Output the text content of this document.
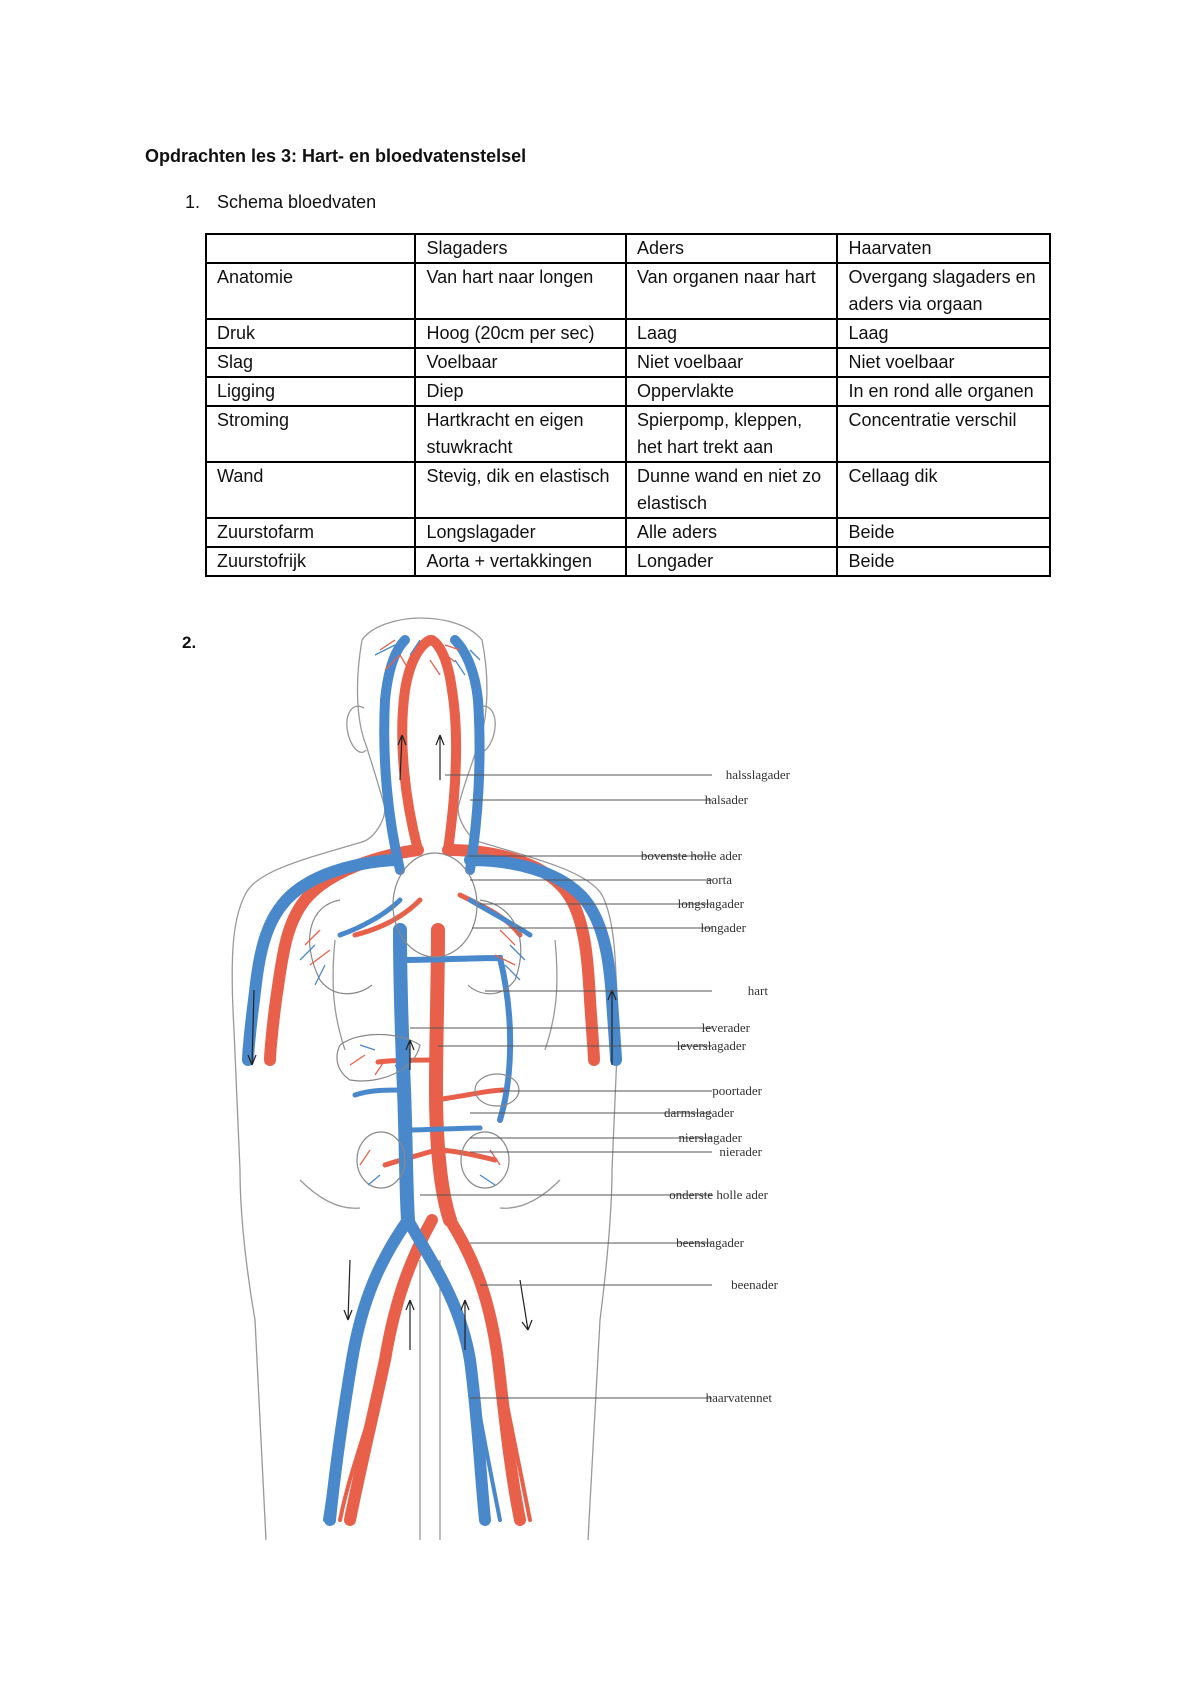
Opdrachten les 3: Hart- en bloedvatenstelsel
1. Schema bloedvaten
	Slagaders	Aders	Haarvaten
Anatomie	Van hart naar longen	Van organen naar hart	Overgang slagaders en aders via orgaan
Druk	Hoog (20cm per sec)	Laag	Laag
Slag	Voelbaar	Niet voelbaar	Niet voelbaar
Ligging	Diep	Oppervlakte	In en rond alle organen
Stroming	Hartkracht en eigen stuwkracht	Spierpomp, kleppen, het hart trekt aan	Concentratie verschil
Wand	Stevig, dik en elastisch	Dunne wand en niet zo elastisch	Cellaag dik
Zuurstofarm	Longslagader	Alle aders	Beide
Zuurstofrijk	Aorta + vertakkingen	Longader	Beide
2.
halsslagader
halsader
bovenste holle ader
aorta
longslagader
longader
hart
leverader
leverslagader
poortader
darmslagader
nierslagader
nierader
onderste holle ader
beenslagader
beenader
haarvatennet
